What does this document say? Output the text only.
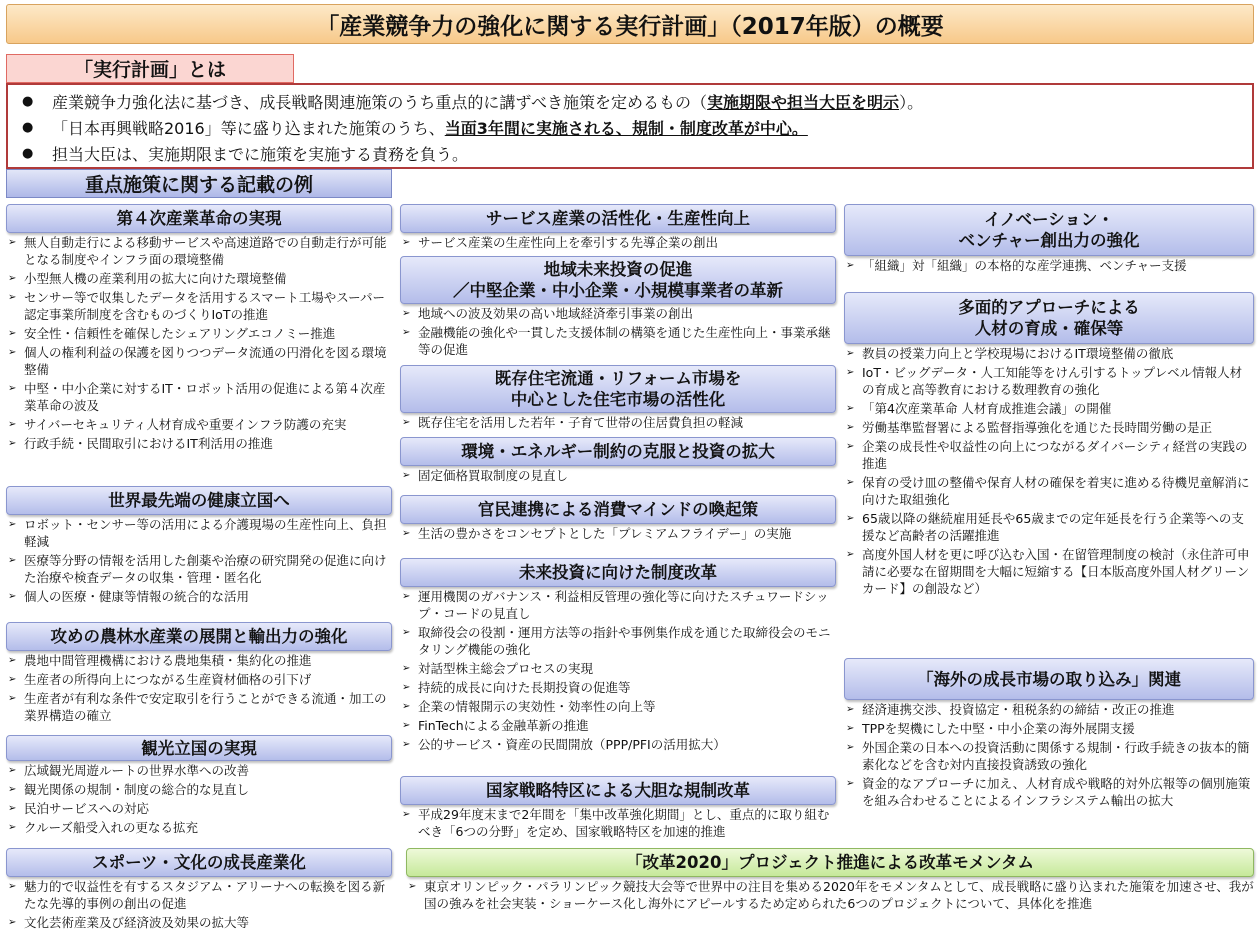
「産業競争力の強化に関する実行計画」（2017年版）の概要
「実行計画」とは
●	産業競争力強化法に基づき、成長戦略関連施策のうち重点的に講ずべき施策を定めるもの（実施期限や担当大臣を明示）。
●	「日本再興戦略2016」等に盛り込まれた施策のうち、当面3年間に実施される、規制・制度改革が中心。
●	担当大臣は、実施期限までに施策を実施する責務を負う。
重点施策に関する記載の例
第４次産業革命の実現
➢ 無人自動走行による移動サービスや高速道路での自動走行が可能となる制度やインフラ面の環境整備
➢ 小型無人機の産業利用の拡大に向けた環境整備
➢ センサー等で収集したデータを活用するスマート工場やスーパー認定事業所制度を含むものづくりIoTの推進
➢ 安全性・信頼性を確保したシェアリングエコノミー推進
➢ 個人の権利利益の保護を図りつつデータ流通の円滑化を図る環境整備
➢ 中堅・中小企業に対するIT・ロボット活用の促進による第４次産業革命の波及
➢ サイバーセキュリティ人材育成や重要インフラ防護の充実
➢ 行政手続・民間取引におけるIT利活用の推進
世界最先端の健康立国へ
➢ ロボット・センサー等の活用による介護現場の生産性向上、負担軽減
➢ 医療等分野の情報を活用した創薬や治療の研究開発の促進に向けた治療や検査データの収集・管理・匿名化
➢ 個人の医療・健康等情報の統合的な活用
攻めの農林水産業の展開と輸出力の強化
➢ 農地中間管理機構における農地集積・集約化の推進
➢ 生産者の所得向上につながる生産資材価格の引下げ
➢ 生産者が有利な条件で安定取引を行うことができる流通・加工の業界構造の確立
観光立国の実現
➢ 広域観光周遊ルートの世界水準への改善
➢ 観光関係の規制・制度の総合的な見直し
➢ 民泊サービスへの対応
➢ クルーズ船受入れの更なる拡充
スポーツ・文化の成長産業化
➢ 魅力的で収益性を有するスタジアム・アリーナへの転換を図る新たな先導的事例の創出の促進
➢ 文化芸術産業及び経済波及効果の拡大等
サービス産業の活性化・生産性向上
➢ サービス産業の生産性向上を牽引する先導企業の創出
地域未来投資の促進
／中堅企業・中小企業・小規模事業者の革新
➢ 地域への波及効果の高い地域経済牽引事業の創出
➢ 金融機能の強化や一貫した支援体制の構築を通じた生産性向上・事業承継等の促進
既存住宅流通・リフォーム市場を
中心とした住宅市場の活性化
➢ 既存住宅を活用した若年・子育て世帯の住居費負担の軽減
環境・エネルギー制約の克服と投資の拡大
➢ 固定価格買取制度の見直し
官民連携による消費マインドの喚起策
➢ 生活の豊かさをコンセプトとした「プレミアムフライデー」の実施
未来投資に向けた制度改革
➢ 運用機関のガバナンス・利益相反管理の強化等に向けたスチュワードシップ・コードの見直し
➢ 取締役会の役割・運用方法等の指針や事例集作成を通じた取締役会のモニタリング機能の強化
➢ 対話型株主総会プロセスの実現
➢ 持続的成長に向けた長期投資の促進等
➢ 企業の情報開示の実効性・効率性の向上等
➢ FinTechによる金融革新の推進
➢ 公的サービス・資産の民間開放（PPP/PFIの活用拡大）
国家戦略特区による大胆な規制改革
➢ 平成29年度末まで2年間を「集中改革強化期間」とし、重点的に取り組むべき「6つの分野」を定め、国家戦略特区を加速的推進
イノベーション・
ベンチャー創出力の強化
➢ 「組織」対「組織」の本格的な産学連携、ベンチャー支援
多面的アプローチによる
人材の育成・確保等
➢ 教員の授業力向上と学校現場におけるIT環境整備の徹底
➢ IoT・ビッグデータ・人工知能等をけん引するトップレベル情報人材の育成と高等教育における数理教育の強化
➢ 「第4次産業革命 人材育成推進会議」の開催
➢ 労働基準監督署による監督指導強化を通じた長時間労働の是正
➢ 企業の成長性や収益性の向上につながるダイバーシティ経営の実践の推進
➢ 保育の受け皿の整備や保育人材の確保を着実に進める待機児童解消に向けた取組強化
➢ 65歳以降の継続雇用延長や65歳までの定年延長を行う企業等への支援など高齢者の活躍推進
➢ 高度外国人材を更に呼び込む入国・在留管理制度の検討（永住許可申請に必要な在留期間を大幅に短縮する【日本版高度外国人材グリーンカード】の創設など）
「海外の成長市場の取り込み」関連
➢ 経済連携交渉、投資協定・租税条約の締結・改正の推進
➢ TPPを契機にした中堅・中小企業の海外展開支援
➢ 外国企業の日本への投資活動に関係する規制・行政手続きの抜本的簡素化などを含む対内直接投資誘致の強化
➢ 資金的なアプローチに加え、人材育成や戦略的対外広報等の個別施策を組み合わせることによるインフラシステム輸出の拡大
「改革2020」プロジェクト推進による改革モメンタム
➢ 東京オリンピック・パラリンピック競技大会等で世界中の注目を集める2020年をモメンタムとして、成長戦略に盛り込まれた施策を加速させ、我が国の強みを社会実装・ショーケース化し海外にアピールするため定められた6つのプロジェクトについて、具体化を推進
